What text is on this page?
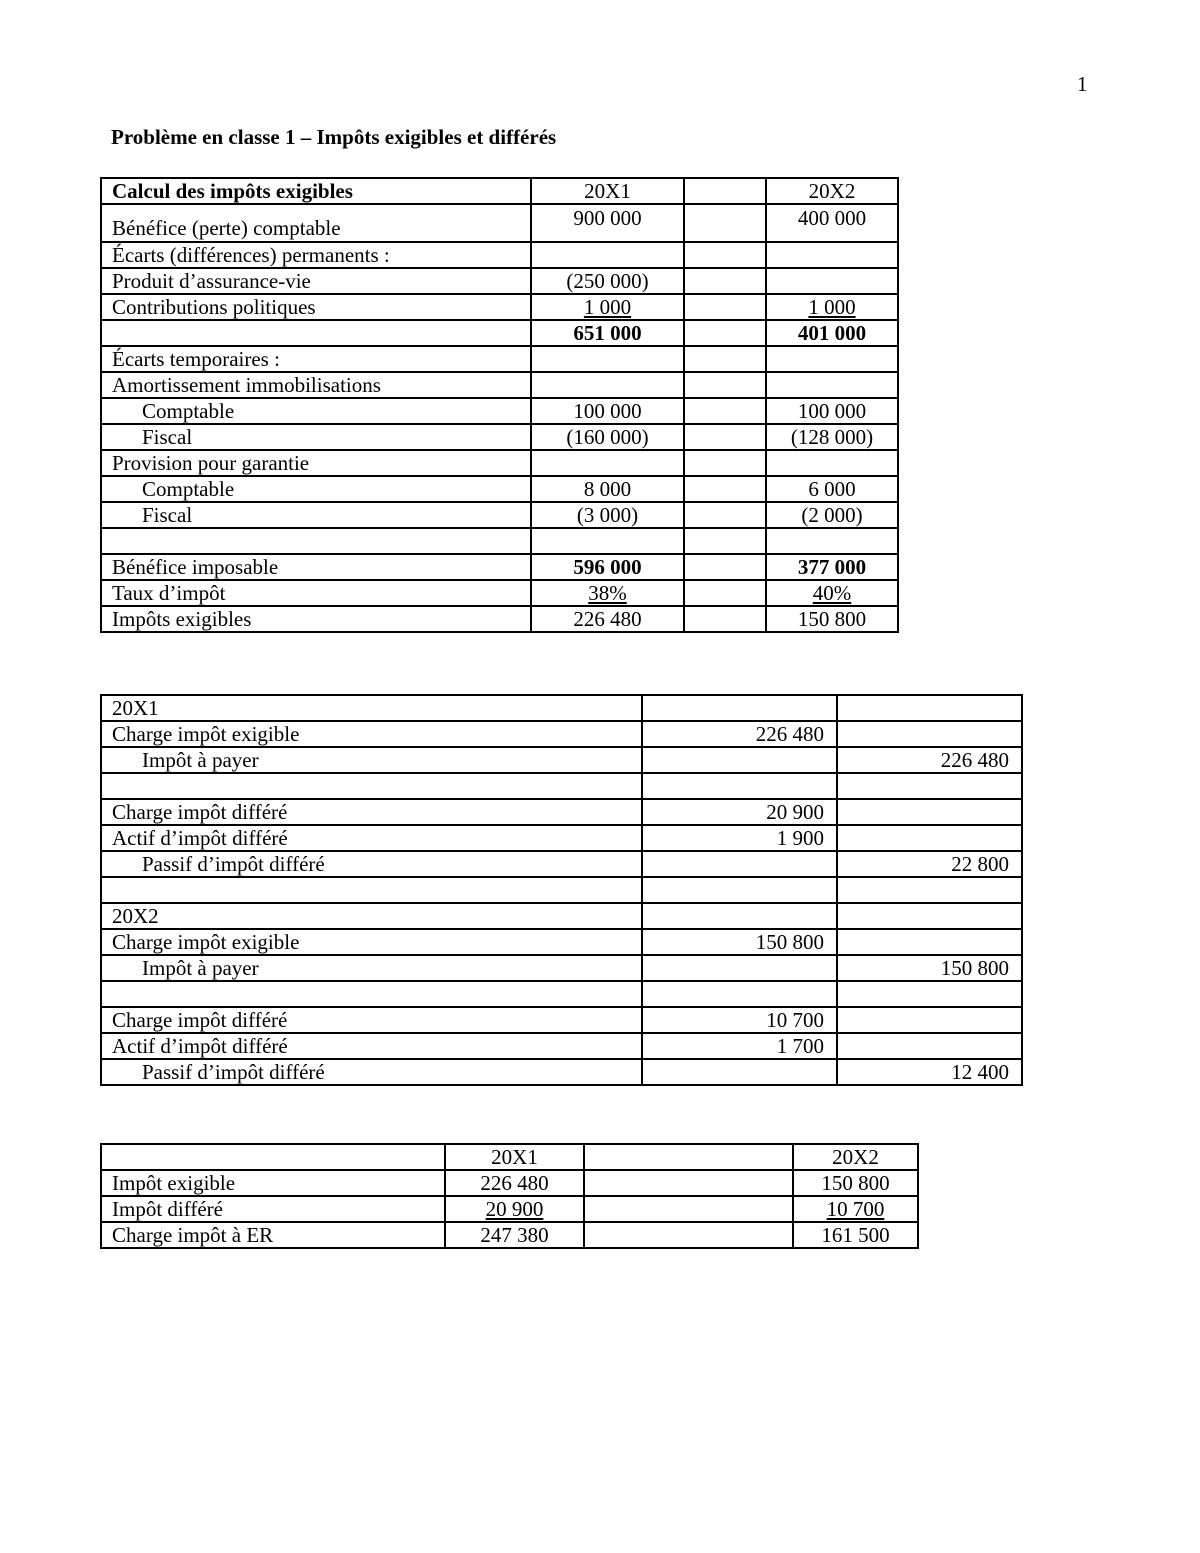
1
Problème en classe 1 – Impôts exigibles et différés
Calcul des impôts exigibles	20X1		20X2
Bénéfice (perte) comptable	900 000		400 000
Écarts (différences) permanents :			
Produit d’assurance-vie	(250 000)		
Contributions politiques	1 000		1 000
	651 000		401 000
Écarts temporaires :			
Amortissement immobilisations			
Comptable	100 000		100 000
Fiscal	(160 000)		(128 000)
Provision pour garantie			
Comptable	8 000		6 000
Fiscal	(3 000)		(2 000)

Bénéfice imposable	596 000		377 000
Taux d’impôt	38%		40%
Impôts exigibles	226 480		150 800
20X1		
Charge impôt exigible	226 480	
Impôt à payer		226 480

Charge impôt différé	20 900	
Actif d’impôt différé	1 900	
Passif d’impôt différé		22 800

20X2		
Charge impôt exigible	150 800	
Impôt à payer		150 800

Charge impôt différé	10 700	
Actif d’impôt différé	1 700	
Passif d’impôt différé		12 400
	20X1		20X2
Impôt exigible	226 480		150 800
Impôt différé	20 900		10 700
Charge impôt à ER	247 380		161 500
